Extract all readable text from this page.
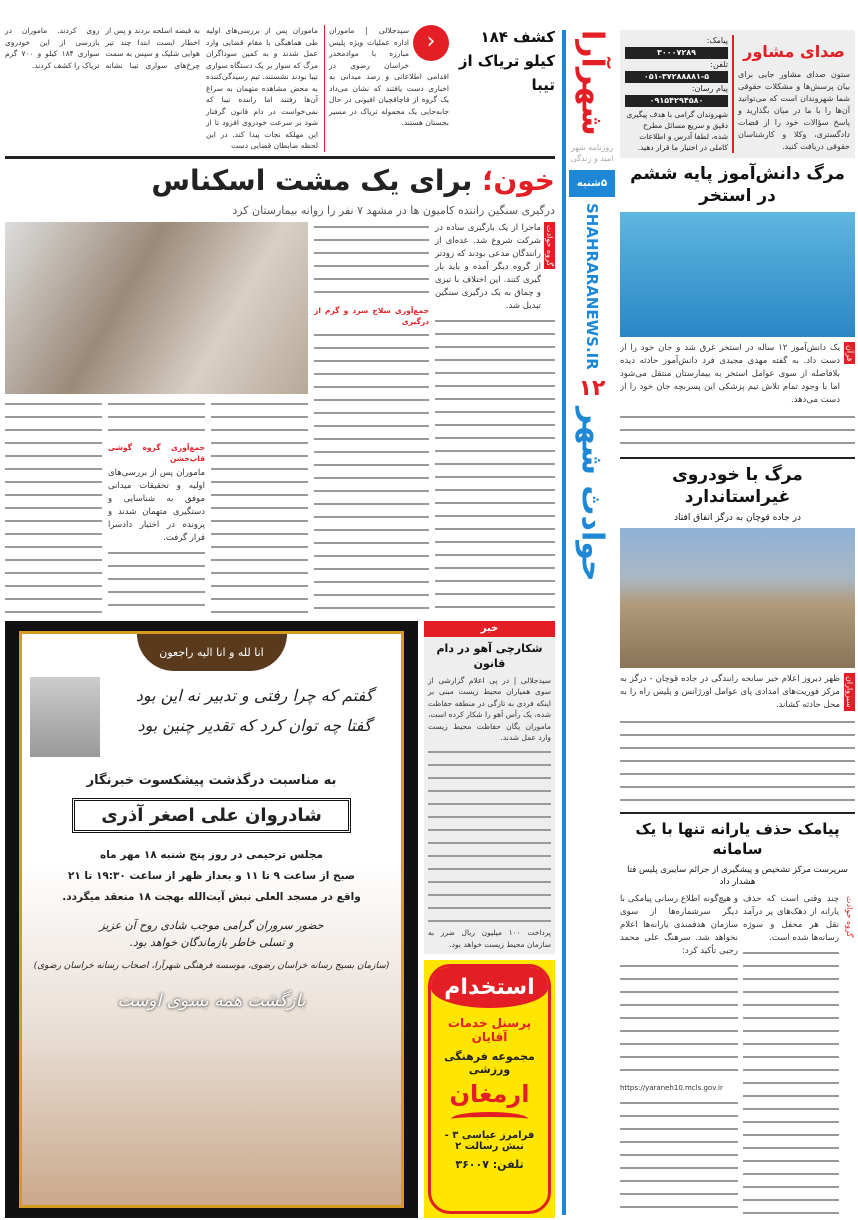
شهرآرا
روزنامه شهر امید و زندگی
۵شنبه
SHAHRARANEWS.IR
۱۲
حوادث شهر
صدای مشاور
ستون صدای مشاور جایی برای بیان پرسش‌ها و مشکلات حقوقی شما شهروندان است که می‌توانید آن‌ها را با ما در میان بگذارید و پاسخ سؤالات خود را از قضات دادگستری، وکلا و کارشناسان حقوقی دریافت کنید.
پیامک:
۳۰۰۰۷۲۸۹
تلفن:
۰۵۱-۳۷۲۸۸۸۸۱-۵
پیام رسان:
۰۹۱۵۴۲۹۴۵۸۰
شهروندان گرامی با هدف پیگیری دقیق و سریع مسائل مطرح شده، لطفا آدرس و اطلاعات کاملی در اختیار ما قرار دهید.
مرگ دانش‌آموز پایه ششم در استخر
قرآن
یک دانش‌آموز ۱۲ ساله در استخر غرق شد و جان خود را از دست داد. به گفته مهدی مجیدی فرد دانش‌آموز حادثه دیده بلافاصله از سوی عوامل استخر به بیمارستان منتقل می‌شود اما با وجود تمام تلاش تیم پزشکی این پسربچه جان خود را از دست می‌دهد.
مرگ با خودروی غیراستاندارد
در جاده قوچان به درگز اتفاق افتاد
سبزواران
ظهر دیروز اعلام خبر سانحه رانندگی در جاده قوچان - درگز به مرکز فوریت‌های امدادی پای عوامل اورژانس و پلیس راه را به محل حادثه کشاند.
پیامک حذف یارانه تنها با یک سامانه
سرپرست مرکز تشخیص و پیشگیری از جرائم سایبری پلیس فتا هشدار داد
گروه حوادث
چند وقتی است که حذف یارانه از دهک‌های پر درآمد نقل هر محفل و سوژه رسانه‌ها شده است.
و هیچ‌گونه اطلاع رسانی پیامکی با دیگر سرشماره‌ها از سوی سازمان هدفمندی یارانه‌ها اعلام نخواهد شد. سرهنگ علی محمد رجبی تأکید کرد:
https://yaraneh10.mcls.gov.ir
کشف ۱۸۴ کیلو تریاک از تیبا
‹
سیدجلالی | ماموران اداره عملیات ویژه پلیس مبارزه با موادمخدر خراسان رضوی در اقدامی اطلاعاتی و رصد میدانی به اخباری دست یافتند که نشان می‌داد یک گروه از قاچاقچیان افیونی در حال جابه‌جایی یک محموله تریاک در مسیر بجستان هستند.
ماموران پس از بررسی‌های اولیه طی هماهنگی با مقام قضایی وارد عمل شدند و به کمین سوداگران مرگ که سوار بر یک دستگاه سواری تیبا بودند نشستند. تیم رسیدگی‌کننده به محض مشاهده متهمان به سراغ آن‌ها رفتند اما راننده تیبا که نمی‌خواست در دام قانون گرفتار شود بر سرعت خودروی افزود تا از این مهلکه نجات پیدا کند. در این لحظه ضابطان قضایی دست
به قبضه اسلحه بردند و پس از اخطار ایست ابتدا چند تیر هوایی شلیک و سپس به سمت چرخ‌های سواری تیبا نشانه روی کردند. ماموران در بازرسی از این خودروی سواری ۱۸۴ کیلو و ۷۰۰ گرم تریاک را کشف کردند.
خون؛ برای یک مشت اسکناس
درگیری سنگین راننده کامیون ها در مشهد ۷ نفر را روانه بیمارستان کرد
گروه حوادث
ماجرا از یک بارگیری ساده در شرکت شروع شد. عده‌ای از رانندگان مدعی بودند که زودتر از گروه دیگر آمده و باید بار گیری کنند. این اختلاف با تیزی و چماق به یک درگیری سنگین تبدیل شد.
جمع‌آوری سلاح سرد و گرم از درگیری
جمع‌آوری گروه گوشی قاپ‌خشن
ماموران پس از بررسی‌های اولیه و تحقیقات میدانی موفق به شناسایی و دستگیری متهمان شدند و پرونده در اختیار دادسرا قرار گرفت.
انا لله و انا الیه راجعون
گفتم که چرا رفتی و تدبیر نه این بود
گفتا چه توان کرد که تقدیر چنین بود
به مناسبت درگذشت پیشکسوت خبرنگار
شادروان علی اصغر آذری
مجلس ترحیمی در روز پنج شنبه ۱۸ مهر ماه
صبح از ساعت ۹ تا ۱۱ و بعداز ظهر از ساعت ۱۹:۳۰ تا ۲۱
واقع در مسجد العلی نبش آیت‌الله بهجت ۱۸ منعقد میگردد.
حضور سروران گرامی موجب شادی روح آن عزیز
و تسلی خاطر بازماندگان خواهد بود.
(سازمان بسیج رسانه خراسان رضوی، موسسه فرهنگی شهرآرا، اصحاب رسانه خراسان رضوی)
بازگشت همه بسوی اوست
خبر
شکارچی آهو در دام قانون
سیدجلالی | در پی اعلام گزارشی از سوی همیاران محیط زیست مبنی بر اینکه فردی به تازگی در منطقه حفاظت شده، یک رأس آهو را شکار کرده است، ماموران یگان حفاظت محیط زیست وارد عمل شدند.
پرداخت ۱۰۰ میلیون ریال ضرر به سازمان محیط زیست خواهد بود.
استخدام
پرسنل خدمات آقایان
مجموعه فرهنگی ورزشی
ارمغان
فرامرز عباسی ۳ - نبش رسالت ۲
تلفن: ۳۶۰۰۷
